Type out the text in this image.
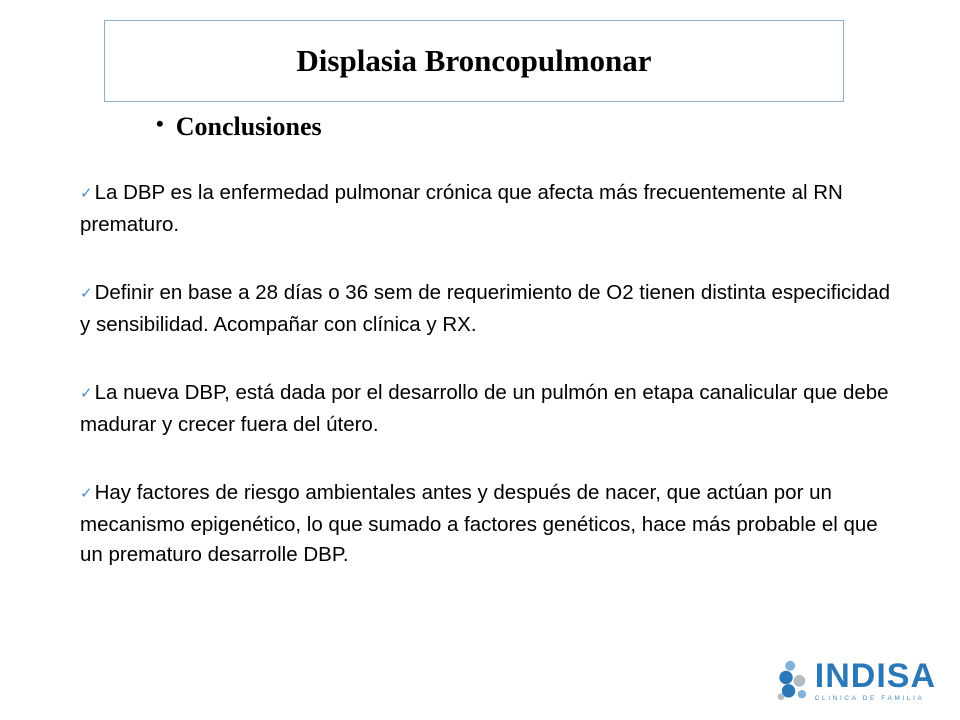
Displasia Broncopulmonar
• Conclusiones

✓La DBP es la enfermedad pulmonar crónica que afecta más frecuentemente al RN prematuro.

✓Definir en base a 28 días o 36 sem de requerimiento de O2 tienen distinta especificidad y sensibilidad. Acompañar con clínica y RX.

✓La nueva DBP, está dada por el desarrollo de un pulmón en etapa canalicular que debe madurar y crecer fuera del útero.

✓Hay factores de riesgo ambientales antes y después de nacer, que actúan por un mecanismo epigenético, lo que sumado a factores genéticos, hace más probable el que un prematuro desarrolle DBP.

INDISA
CLINICA DE FAMILIA
